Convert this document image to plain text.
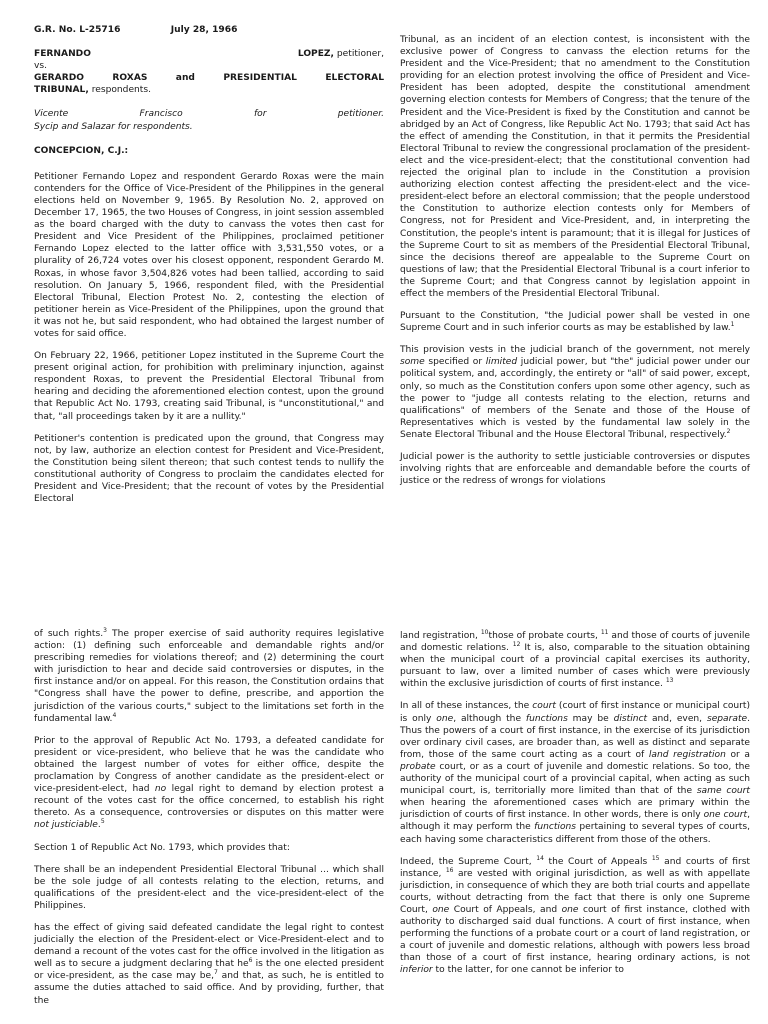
G.R. No. L-25716	July 28, 1966
FERNANDO	LOPEZ, petitioner,
vs.
GERARDO ROXAS and PRESIDENTIAL ELECTORAL TRIBUNAL, respondents.
Vicente Francisco for petitioner.
Sycip and Salazar for respondents.
CONCEPCION, C.J.:

Petitioner Fernando Lopez and respondent Gerardo Roxas were the main contenders for the Office of Vice-President of the Philippines in the general elections held on November 9, 1965. By Resolution No. 2, approved on December 17, 1965, the two Houses of Congress, in joint session assembled as the board charged with the duty to canvass the votes then cast for President and Vice President of the Philippines, proclaimed petitioner Fernando Lopez elected to the latter office with 3,531,550 votes, or a plurality of 26,724 votes over his closest opponent, respondent Gerardo M. Roxas, in whose favor 3,504,826 votes had been tallied, according to said resolution. On January 5, 1966, respondent filed, with the Presidential Electoral Tribunal, Election Protest No. 2, contesting the election of petitioner herein as Vice-President of the Philippines, upon the ground that it was not he, but said respondent, who had obtained the largest number of votes for said office.

On February 22, 1966, petitioner Lopez instituted in the Supreme Court the present original action, for prohibition with preliminary injunction, against respondent Roxas, to prevent the Presidential Electoral Tribunal from hearing and deciding the aforementioned election contest, upon the ground that Republic Act No. 1793, creating said Tribunal, is "unconstitutional," and that, "all proceedings taken by it are a nullity."

Petitioner's contention is predicated upon the ground, that Congress may not, by law, authorize an election contest for President and Vice-President, the Constitution being silent thereon; that such contest tends to nullify the constitutional authority of Congress to proclaim the candidates elected for President and Vice-President; that the recount of votes by the Presidential Electoral

Tribunal, as an incident of an election contest, is inconsistent with the exclusive power of Congress to canvass the election returns for the President and the Vice-President; that no amendment to the Constitution providing for an election protest involving the office of President and Vice-President has been adopted, despite the constitutional amendment governing election contests for Members of Congress; that the tenure of the President and the Vice-President is fixed by the Constitution and cannot be abridged by an Act of Congress, like Republic Act No. 1793; that said Act has the effect of amending the Constitution, in that it permits the Presidential Electoral Tribunal to review the congressional proclamation of the president-elect and the vice-president-elect; that the constitutional convention had rejected the original plan to include in the Constitution a provision authorizing election contest affecting the president-elect and the vice-president-elect before an electoral commission; that the people understood the Constitution to authorize election contests only for Members of Congress, not for President and Vice-President, and, in interpreting the Constitution, the people's intent is paramount; that it is illegal for Justices of the Supreme Court to sit as members of the Presidential Electoral Tribunal, since the decisions thereof are appealable to the Supreme Court on questions of law; that the Presidential Electoral Tribunal is a court inferior to the Supreme Court; and that Congress cannot by legislation appoint in effect the members of the Presidential Electoral Tribunal.

Pursuant to the Constitution, "the Judicial power shall be vested in one Supreme Court and in such inferior courts as may be established by law.$^1$

This provision vests in the judicial branch of the government, not merely some specified or limited judicial power, but "the" judicial power under our political system, and, accordingly, the entirety or "all" of said power, except, only, so much as the Constitution confers upon some other agency, such as the power to "judge all contests relating to the election, returns and qualifications" of members of the Senate and those of the House of Representatives which is vested by the fundamental law solely in the Senate Electoral Tribunal and the House Electoral Tribunal, respectively.$^2$

Judicial power is the authority to settle justiciable controversies or disputes involving rights that are enforceable and demandable before the courts of justice or the redress of wrongs for violations

of such rights.$^3$ The proper exercise of said authority requires legislative action: (1) defining such enforceable and demandable rights and/or prescribing remedies for violations thereof; and (2) determining the court with jurisdiction to hear and decide said controversies or disputes, in the first instance and/or on appeal. For this reason, the Constitution ordains that "Congress shall have the power to define, prescribe, and apportion the jurisdiction of the various courts," subject to the limitations set forth in the fundamental law.$^4$

Prior to the approval of Republic Act No. 1793, a defeated candidate for president or vice-president, who believe that he was the candidate who obtained the largest number of votes for either office, despite the proclamation by Congress of another candidate as the president-elect or vice-president-elect, had no legal right to demand by election protest a recount of the votes cast for the office concerned, to establish his right thereto. As a consequence, controversies or disputes on this matter were not justiciable.$^5$

Section 1 of Republic Act No. 1793, which provides that:

There shall be an independent Presidential Electoral Tribunal ... which shall be the sole judge of all contests relating to the election, returns, and qualifications of the president-elect and the vice-president-elect of the Philippines.

has the effect of giving said defeated candidate the legal right to contest judicially the election of the President-elect or Vice-President-elect and to demand a recount of the votes cast for the office involved in the litigation as well as to secure a judgment declaring that $he^6$ is the one elected president or vice-president, as the case may be,$^7$ and that, as such, he is entitled to assume the duties attached to said office. And by providing, further, that the

land registration, $^{10}$those of probate courts, $^{11}$ and those of courts of juvenile and domestic relations. $^{12}$ It is, also, comparable to the situation obtaining when the municipal court of a provincial capital exercises its authority, pursuant to law, over a limited number of cases which were previously within the exclusive jurisdiction of courts of first instance. $^{13}$

In all of these instances, the court (court of first instance or municipal court) is only one, although the functions may be distinct and, even, separate. Thus the powers of a court of first instance, in the exercise of its jurisdiction over ordinary civil cases, are broader than, as well as distinct and separate from, those of the same court acting as a court of land registration or a probate court, or as a court of juvenile and domestic relations. So too, the authority of the municipal court of a provincial capital, when acting as such municipal court, is, territorially more limited than that of the same court when hearing the aforementioned cases which are primary within the jurisdiction of courts of first instance. In other words, there is only one court, although it may perform the functions pertaining to several types of courts, each having some characteristics different from those of the others.

Indeed, the Supreme Court, $^{14}$ the Court of Appeals $^{15}$ and courts of first instance, $^{16}$ are vested with original jurisdiction, as well as with appellate jurisdiction, in consequence of which they are both trial courts and appellate courts, without detracting from the fact that there is only one Supreme Court, one Court of Appeals, and one court of first instance, clothed with authority to discharged said dual functions. A court of first instance, when performing the functions of a probate court or a court of land registration, or a court of juvenile and domestic relations, although with powers less broad than those of a court of first instance, hearing ordinary actions, is not inferior to the latter, for one cannot be inferior to
